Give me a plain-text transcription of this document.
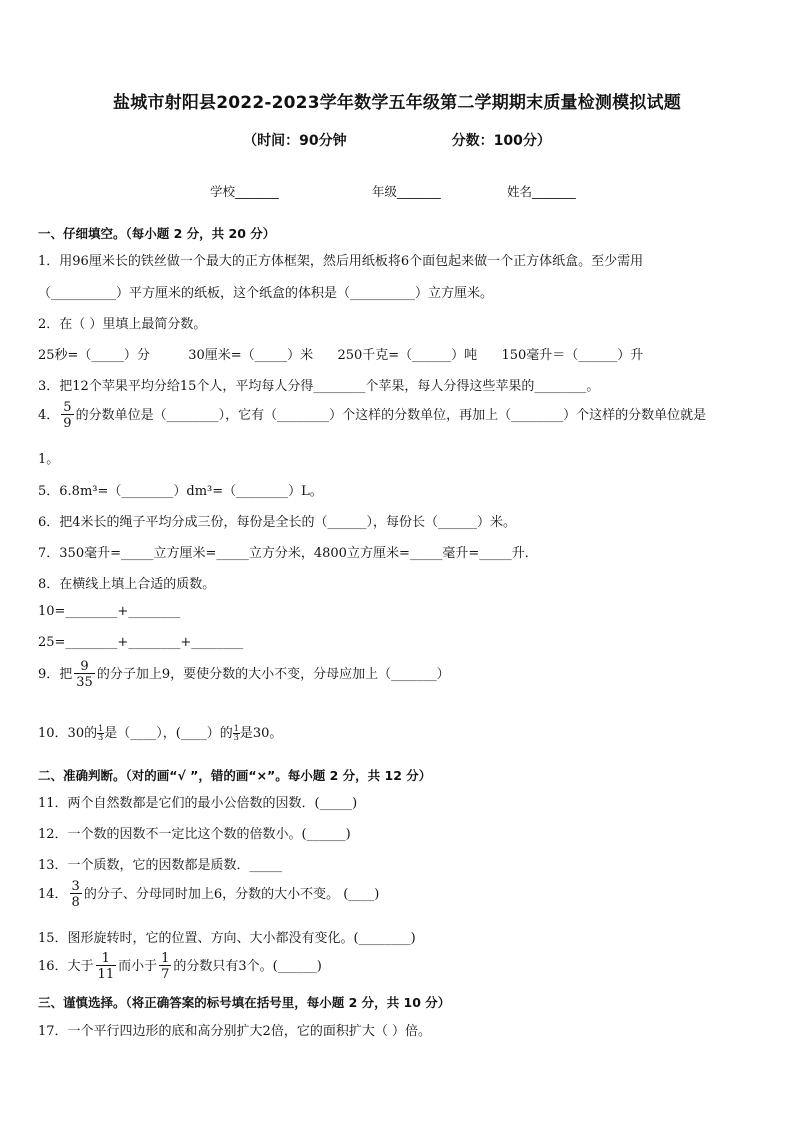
盐城市射阳县2022-2023学年数学五年级第二学期期末质量检测模拟试题
（时间：90分钟	分数：100分）
学校_______	年级_______	姓名_______
一、仔细填空。（每小题 2 分，共 20 分）
1．用96厘米长的铁丝做一个最大的正方体框架，然后用纸板将6个面包起来做一个正方体纸盒。至少需用
（__________）平方厘米的纸板，这个纸盒的体积是（__________）立方厘米。
2．在（ ）里填上最简分数。
25秒=（_____）分	30厘米=（_____）米 250千克=（______）吨 150毫升＝（______）升
3．把12个苹果平均分给15个人，平均每人分得________个苹果，每人分得这些苹果的________。
4． $\frac{5}{9}$ 的分数单位是（________），它有（________）个这样的分数单位，再加上（________）个这样的分数单位就是
1。
5．6.8m³=（________）dm³=（________）L。
6．把4米长的绳子平均分成三份，每份是全长的（______），每份长（______）米。
7．350毫升=_____立方厘米=_____立方分米，4800立方厘米=_____毫升=_____升．
8．在横线上填上合适的质数。
10=________+________
25=________+________+________
9．把 $\frac{9}{35}$ 的分子加上9，要使分数的大小不变，分母应加上（_______）
10．30的 $\frac{1}{3}$ 是（____），(____）的 $\frac{1}{3}$ 是30。
二、准确判断。（对的画“√ ”，错的画“×”。每小题 2 分，共 12 分）
11．两个自然数都是它们的最小公倍数的因数．(_____)
12．一个数的因数不一定比这个数的倍数小。(______)
13．一个质数，它的因数都是质数．_____
14． $\frac{3}{8}$ 的分子、分母同时加上6，分数的大小不变。 (____)
15．图形旋转时，它的位置、方向、大小都没有变化。(________)
16．大于 $\frac{1}{11}$ 而小于 $\frac{1}{7}$ 的分数只有3个。(______)
三、谨慎选择。（将正确答案的标号填在括号里，每小题 2 分，共 10 分）
17．一个平行四边形的底和高分别扩大2倍，它的面积扩大（ ）倍。
